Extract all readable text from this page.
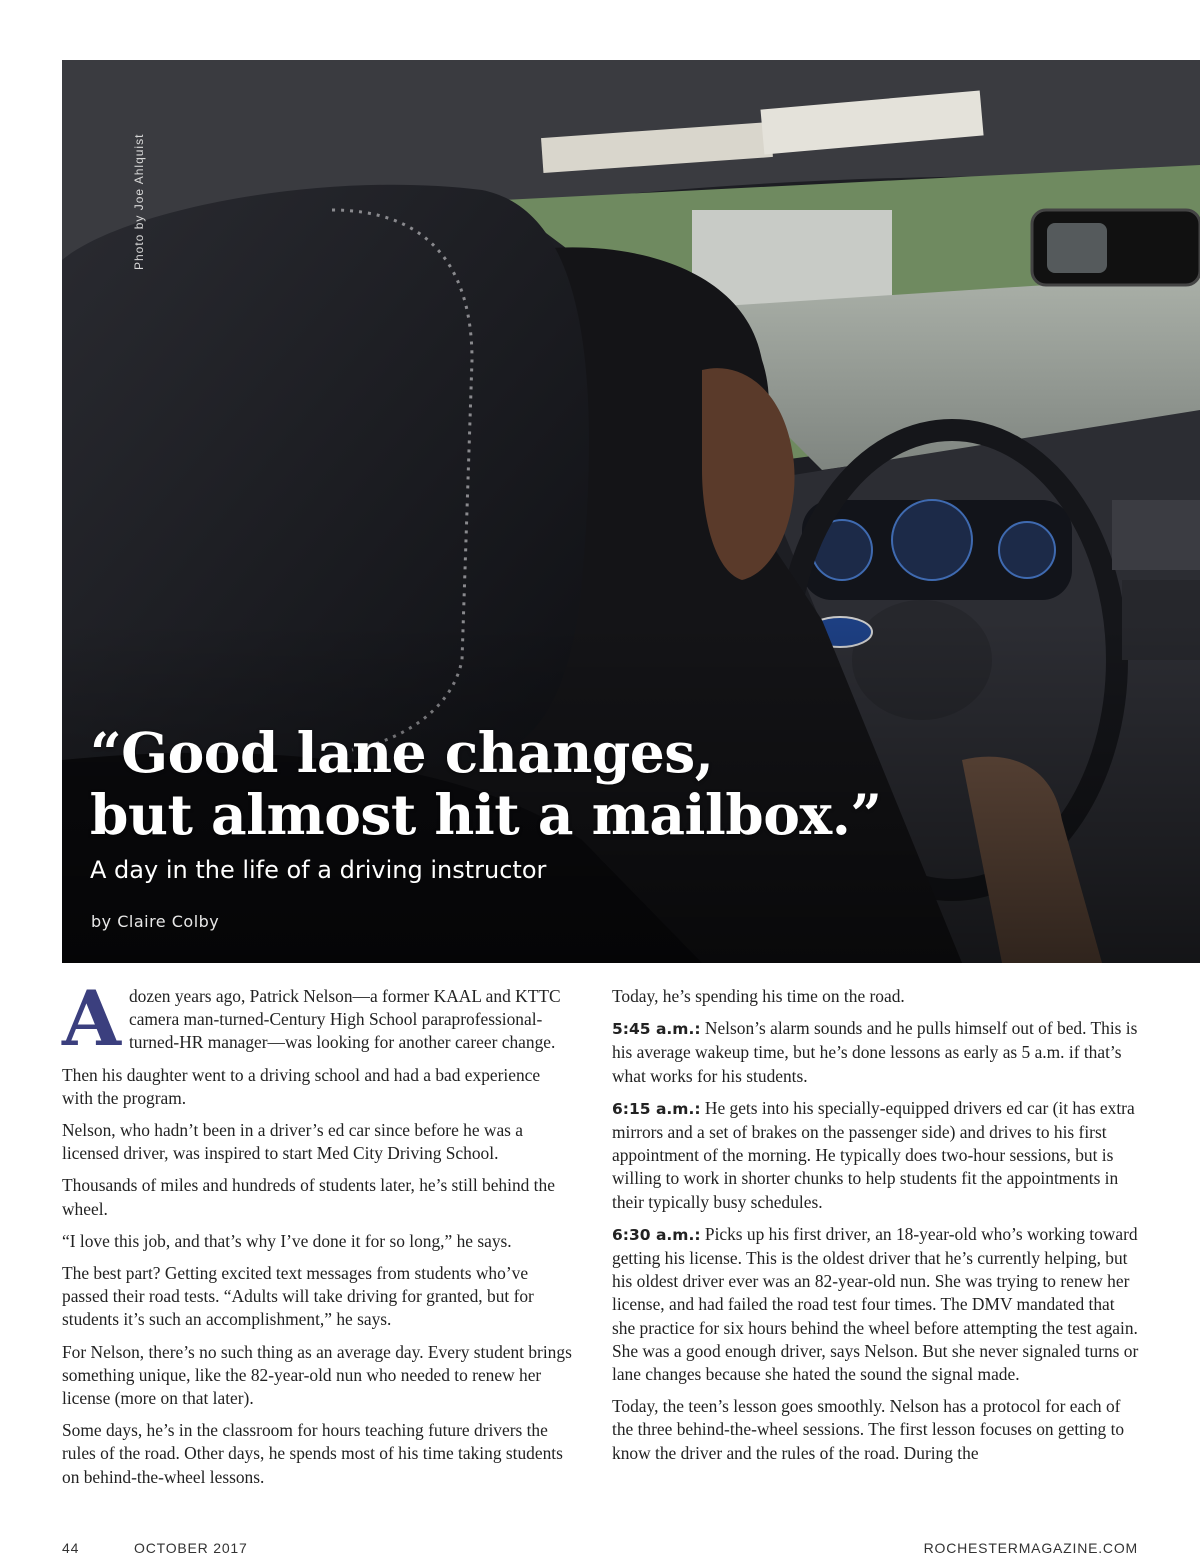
Photo by Joe Ahlquist
“Good lane changes,
but almost hit a mailbox.”
A day in the life of a driving instructor
by Claire Colby

A dozen years ago, Patrick Nelson—a former KAAL and KTTC camera man-turned-Century High School paraprofessional-turned-HR manager—was looking for another career change.

Then his daughter went to a driving school and had a bad experience with the program.

Nelson, who hadn’t been in a driver’s ed car since before he was a licensed driver, was inspired to start Med City Driving School.

Thousands of miles and hundreds of students later, he’s still behind the wheel.

“I love this job, and that’s why I’ve done it for so long,” he says.

The best part? Getting excited text messages from students who’ve passed their road tests. “Adults will take driving for granted, but for students it’s such an accomplishment,” he says.

For Nelson, there’s no such thing as an average day. Every student brings something unique, like the 82-year-old nun who needed to renew her license (more on that later).

Some days, he’s in the classroom for hours teaching future drivers the rules of the road. Other days, he spends most of his time taking students on behind-the-wheel lessons.

Today, he’s spending his time on the road.

5:45 a.m.: Nelson’s alarm sounds and he pulls himself out of bed. This is his average wakeup time, but he’s done lessons as early as 5 a.m. if that’s what works for his students.

6:15 a.m.: He gets into his specially-equipped drivers ed car (it has extra mirrors and a set of brakes on the passenger side) and drives to his first appointment of the morning. He typically does two-hour sessions, but is willing to work in shorter chunks to help students fit the appointments in their typically busy schedules.

6:30 a.m.: Picks up his first driver, an 18-year-old who’s working toward getting his license. This is the oldest driver that he’s currently helping, but his oldest driver ever was an 82-year-old nun. She was trying to renew her license, and had failed the road test four times. The DMV mandated that she practice for six hours behind the wheel before attempting the test again. She was a good enough driver, says Nelson. But she never signaled turns or lane changes because she hated the sound the signal made.

Today, the teen’s lesson goes smoothly. Nelson has a protocol for each of the three behind-the-wheel sessions. The first lesson focuses on getting to know the driver and the rules of the road. During the

44	OCTOBER 2017	ROCHESTERMAGAZINE.COM
